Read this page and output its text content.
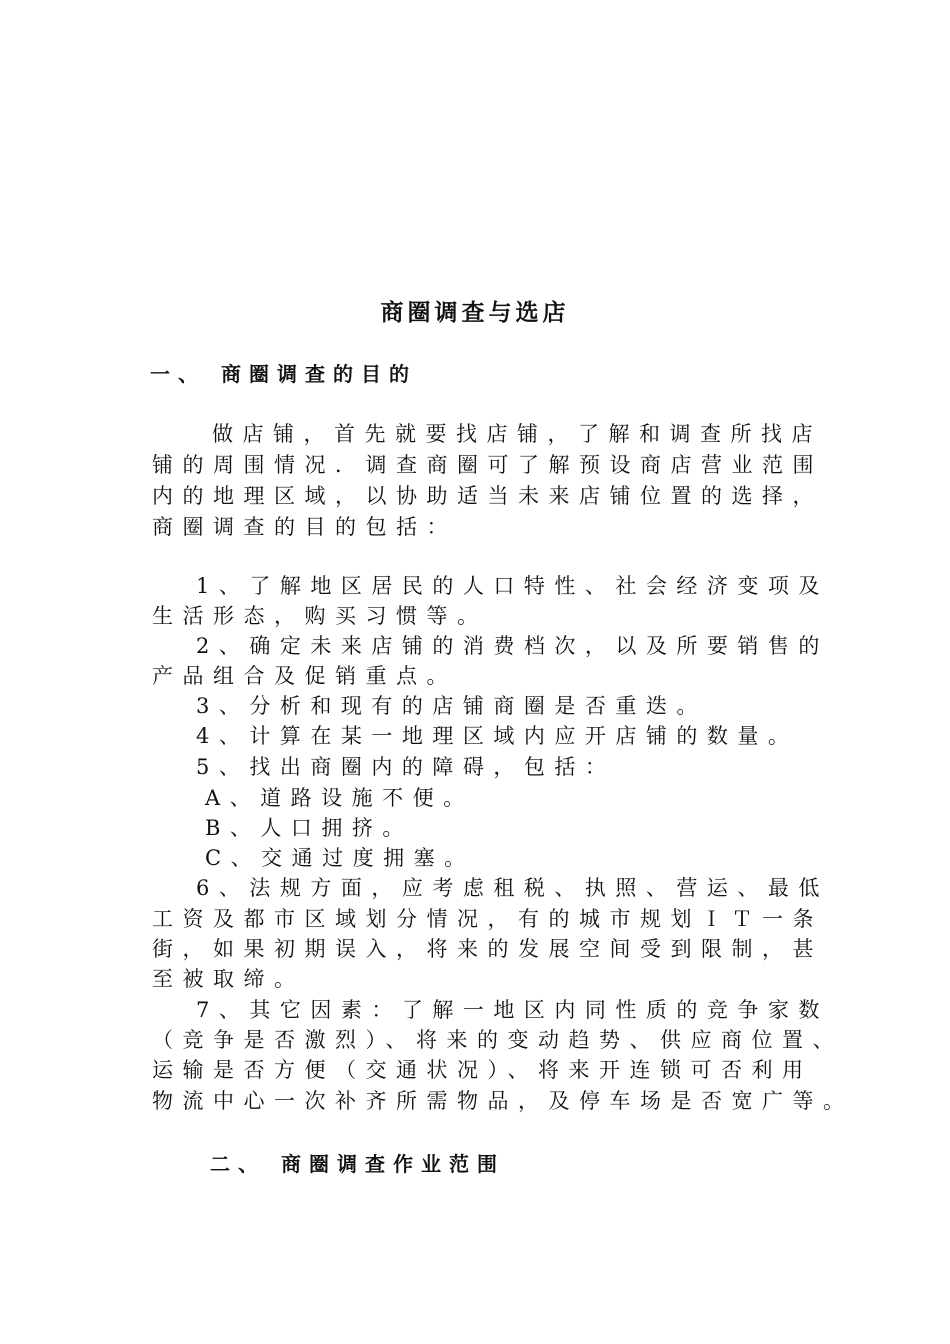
商圈调查与选店
一、 商圈调查的目的
做店铺，首先就要找店铺，了解和调查所找店
铺的周围情况．调查商圈可了解预设商店营业范围
内的地理区域，以协助适当未来店铺位置的选择，
商圈调查的目的包括：
1、了解地区居民的人口特性、社会经济变项及
生活形态，购买习惯等。
2、确定未来店铺的消费档次，以及所要销售的
产品组合及促销重点。
3、分析和现有的店铺商圈是否重迭。
4、计算在某一地理区域内应开店铺的数量。
5、找出商圈内的障碍，包括：
A、道路设施不便。
B、人口拥挤。
C、交通过度拥塞。
6、法规方面，应考虑租税、执照、营运、最低
工资及都市区域划分情况，有的城市规划ＩＴ一条
街，如果初期误入，将来的发展空间受到限制，甚
至被取缔。
7、其它因素：了解一地区内同性质的竞争家数
（竞争是否激烈）、将来的变动趋势、供应商位置、
运输是否方便（交通状况）、将来开连锁可否利用
物流中心一次补齐所需物品，及停车场是否宽广等。
二、 商圈调查作业范围
